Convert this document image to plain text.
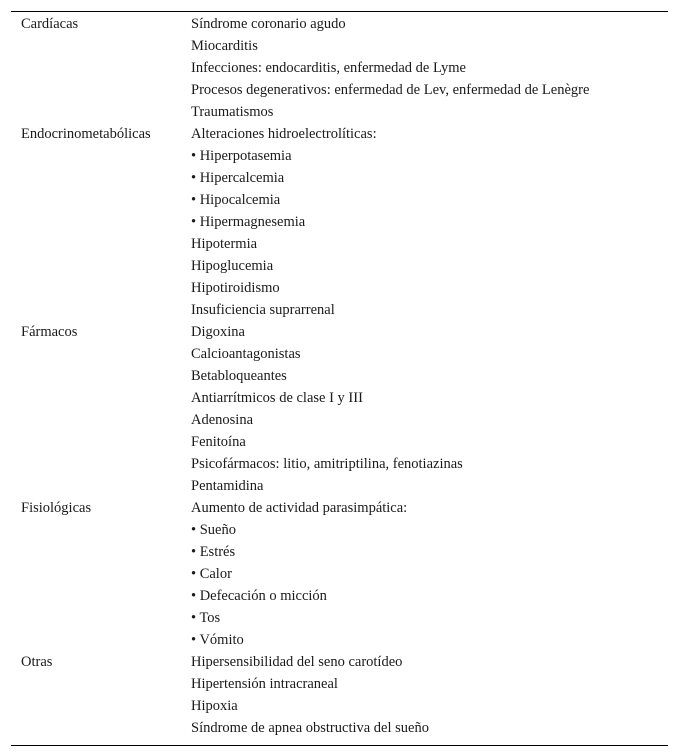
Cardíacas	Síndrome coronario agudo
Miocarditis
Infecciones: endocarditis, enfermedad de Lyme
Procesos degenerativos: enfermedad de Lev, enfermedad de Lenègre
Traumatismos
Endocrinometabólicas	Alteraciones hidroelectrolíticas:
• Hiperpotasemia
• Hipercalcemia
• Hipocalcemia
• Hipermagnesemia
Hipotermia
Hipoglucemia
Hipotiroidismo
Insuficiencia suprarrenal
Fármacos	Digoxina
Calcioantagonistas
Betabloqueantes
Antiarrítmicos de clase I y III
Adenosina
Fenitoína
Psicofármacos: litio, amitriptilina, fenotiazinas
Pentamidina
Fisiológicas	Aumento de actividad parasimpática:
• Sueño
• Estrés
• Calor
• Defecación o micción
• Tos
• Vómito
Otras	Hipersensibilidad del seno carotídeo
Hipertensión intracraneal
Hipoxia
Síndrome de apnea obstructiva del sueño
